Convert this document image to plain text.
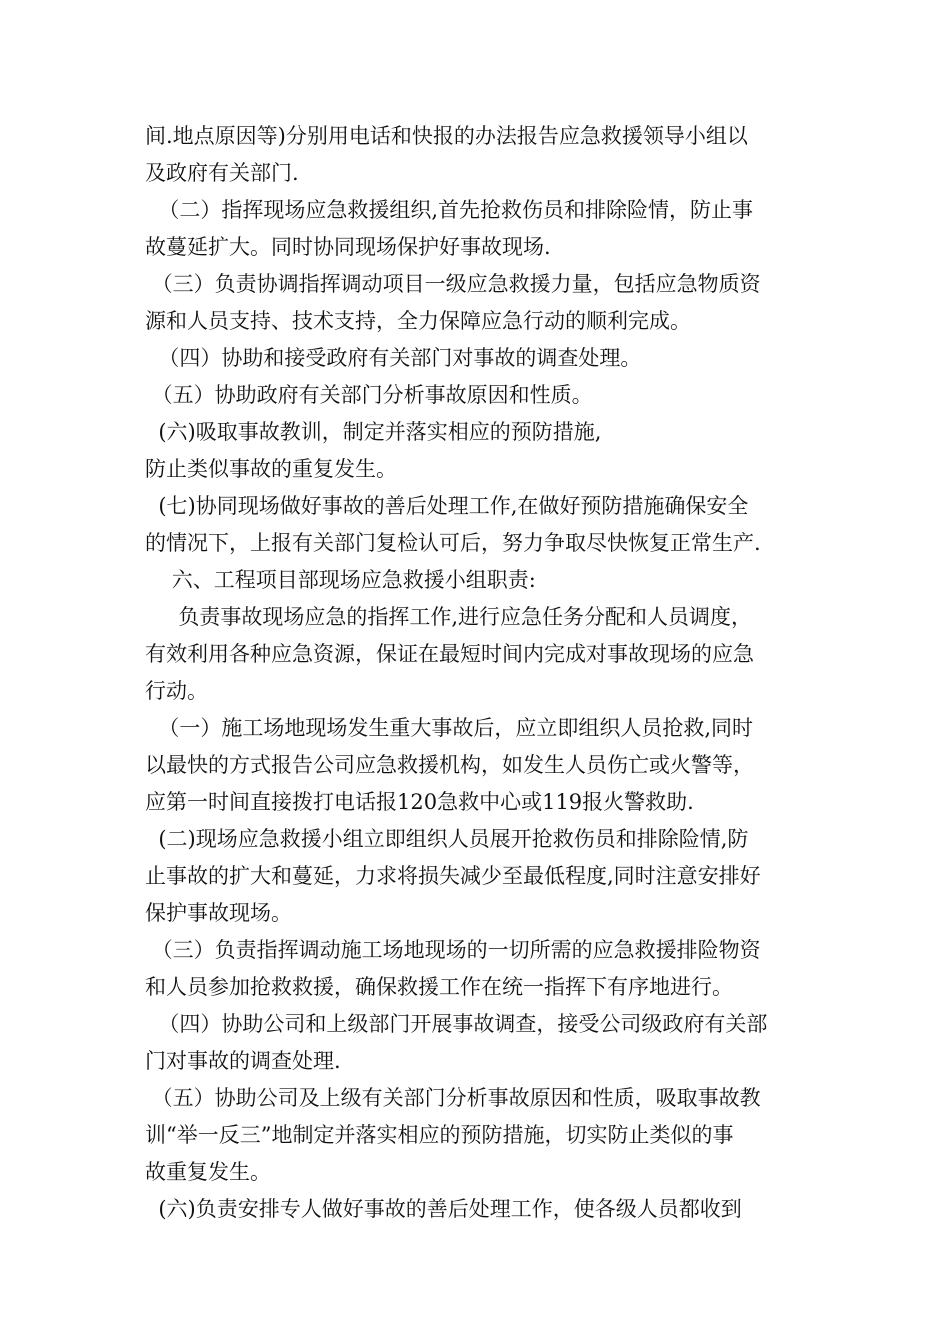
间.地点原因等)分别用电话和快报的办法报告应急救援领导小组以
及政府有关部门.
（二）指挥现场应急救援组织,首先抢救伤员和排除险情，防止事
故蔓延扩大。同时协同现场保护好事故现场.
（三）负责协调指挥调动项目一级应急救援力量，包括应急物质资
源和人员支持、技术支持，全力保障应急行动的顺利完成。
（四）协助和接受政府有关部门对事故的调查处理。
（五）协助政府有关部门分析事故原因和性质。
(六)吸取事故教训，制定并落实相应的预防措施,
防止类似事故的重复发生。
(七)协同现场做好事故的善后处理工作,在做好预防措施确保安全
的情况下，上报有关部门复检认可后，努力争取尽快恢复正常生产.
六、工程项目部现场应急救援小组职责:
负责事故现场应急的指挥工作,进行应急任务分配和人员调度，
有效利用各种应急资源，保证在最短时间内完成对事故现场的应急
行动。
（一）施工场地现场发生重大事故后，应立即组织人员抢救,同时
以最快的方式报告公司应急救援机构，如发生人员伤亡或火警等，
应第一时间直接拨打电话报120急救中心或119报火警救助.
(二)现场应急救援小组立即组织人员展开抢救伤员和排除险情,防
止事故的扩大和蔓延，力求将损失减少至最低程度,同时注意安排好
保护事故现场。
（三）负责指挥调动施工场地现场的一切所需的应急救援排险物资
和人员参加抢救救援，确保救援工作在统一指挥下有序地进行。
（四）协助公司和上级部门开展事故调查，接受公司级政府有关部
门对事故的调查处理.
（五）协助公司及上级有关部门分析事故原因和性质，吸取事故教
训“举一反三”地制定并落实相应的预防措施，切实防止类似的事
故重复发生。
(六)负责安排专人做好事故的善后处理工作，使各级人员都收到
